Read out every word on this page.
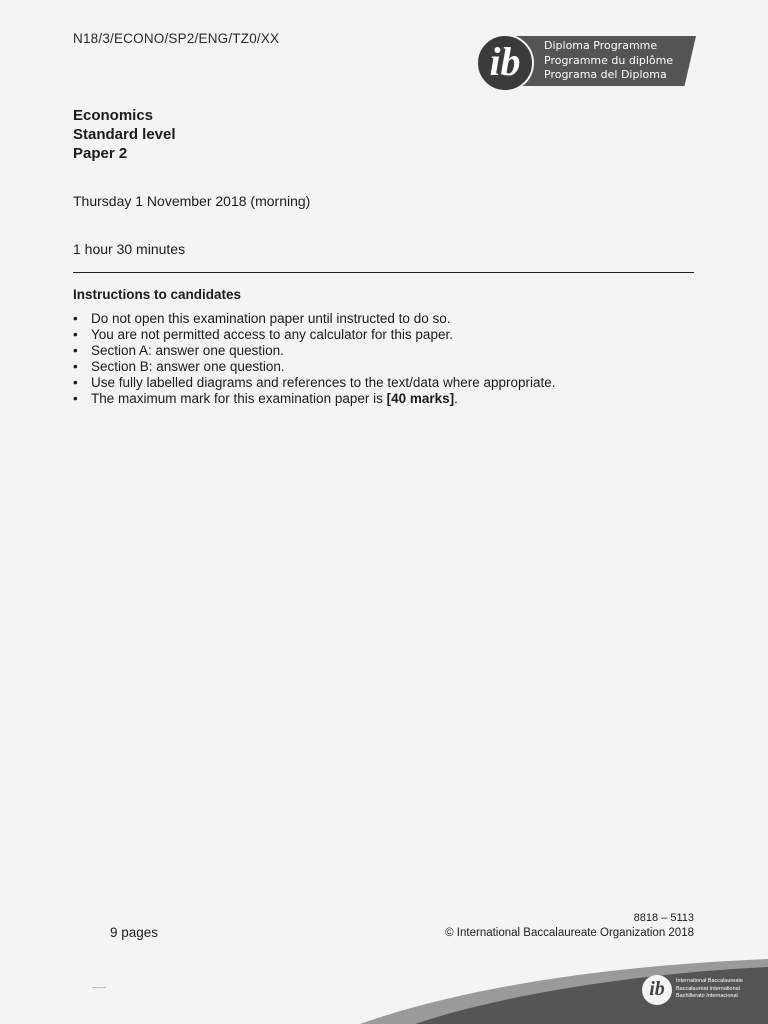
N18/3/ECONO/SP2/ENG/TZ0/XX
ib	Diploma Programme
Programme du diplôme
Programa del Diploma
Economics
Standard level
Paper 2
Thursday 1 November 2018 (morning)
1 hour 30 minutes
Instructions to candidates
• Do not open this examination paper until instructed to do so.
• You are not permitted access to any calculator for this paper.
• Section A: answer one question.
• Section B: answer one question.
• Use fully labelled diagrams and references to the text/data where appropriate.
• The maximum mark for this examination paper is [40 marks].
9 pages
8818 – 5113
© International Baccalaureate Organization 2018
ib	International Baccalaureate
Baccalauréat International
Bachillerato Internacional
